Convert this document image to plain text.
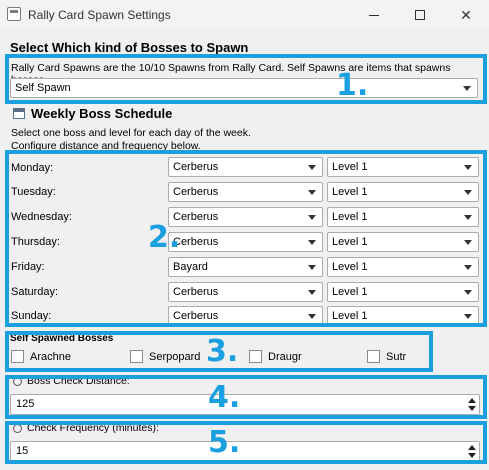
Rally Card Spawn Settings	✕
Select Which kind of Bosses to Spawn
Rally Card Spawns are the 10/10 Spawns from Rally Card. Self Spawns are items that spawns
Self Spawn
Weekly Boss Schedule
Select one boss and level for each day of the week.
Configure distance and frequency below.
Monday:	Cerberus	Level 1
Tuesday:	Cerberus	Level 1
Wednesday:	Cerberus	Level 1
Thursday:	Cerberus	Level 1
Friday:	Bayard	Level 1
Saturday:	Cerberus	Level 1
Sunday:	Cerberus	Level 1
Self Spawned Bosses
Arachne	Serpopard	Draugr	Sutr
Boss Check Distance:
125
Check Frequency (minutes):
15
1.
2.
3.
4.
5.
